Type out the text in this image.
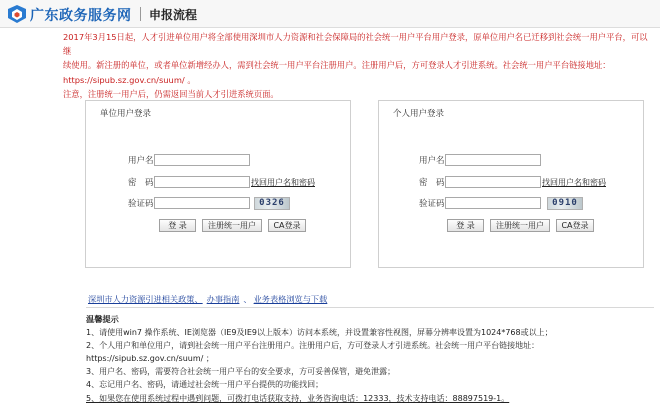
广东政务服务网 申报流程

2017年3月15日起，人才引进单位用户将全部使用深圳市人力资源和社会保障局的社会统一用户平台用户登录，原单位用户名已迁移到社会统一用户平台，可以继

续使用。新注册的单位，或者单位新增经办人，需到社会统一用户平台注册用户。注册用户后，方可登录人才引进系统。社会统一用户平台链接地址：

https://sipub.sz.gov.cn/suum/ 。

注意，注册统一用户后，仍需返回当前人才引进系统页面。

单位用户登录
用户名
密　码	找回用户名和密码
验证码	0326
登 录	注册统一用户	CA登录
个人用户登录
用户名
密　码	找回用户名和密码
验证码	0910
登 录	注册统一用户	CA登录
深圳市人力资源引进相关政策、 办事指南 、 业务表格浏览与下载

温馨提示

1、请使用win7 操作系统、IE浏览器（IE9及IE9以上版本）访问本系统，并设置兼容性视图，屏幕分辨率设置为1024*768或以上；

2、个人用户和单位用户，请到社会统一用户平台注册用户。注册用户后，方可登录人才引进系统。社会统一用户平台链接地址：

https://sipub.sz.gov.cn/suum/ ；

3、用户名、密码，需要符合社会统一用户平台的安全要求，方可妥善保管，避免泄露；

4、忘记用户名、密码，请通过社会统一用户平台提供的功能找回；

5、如果您在使用系统过程中遇到问题，可拨打电话获取支持，业务咨询电话：12333，技术支持电话：88897519-1。
